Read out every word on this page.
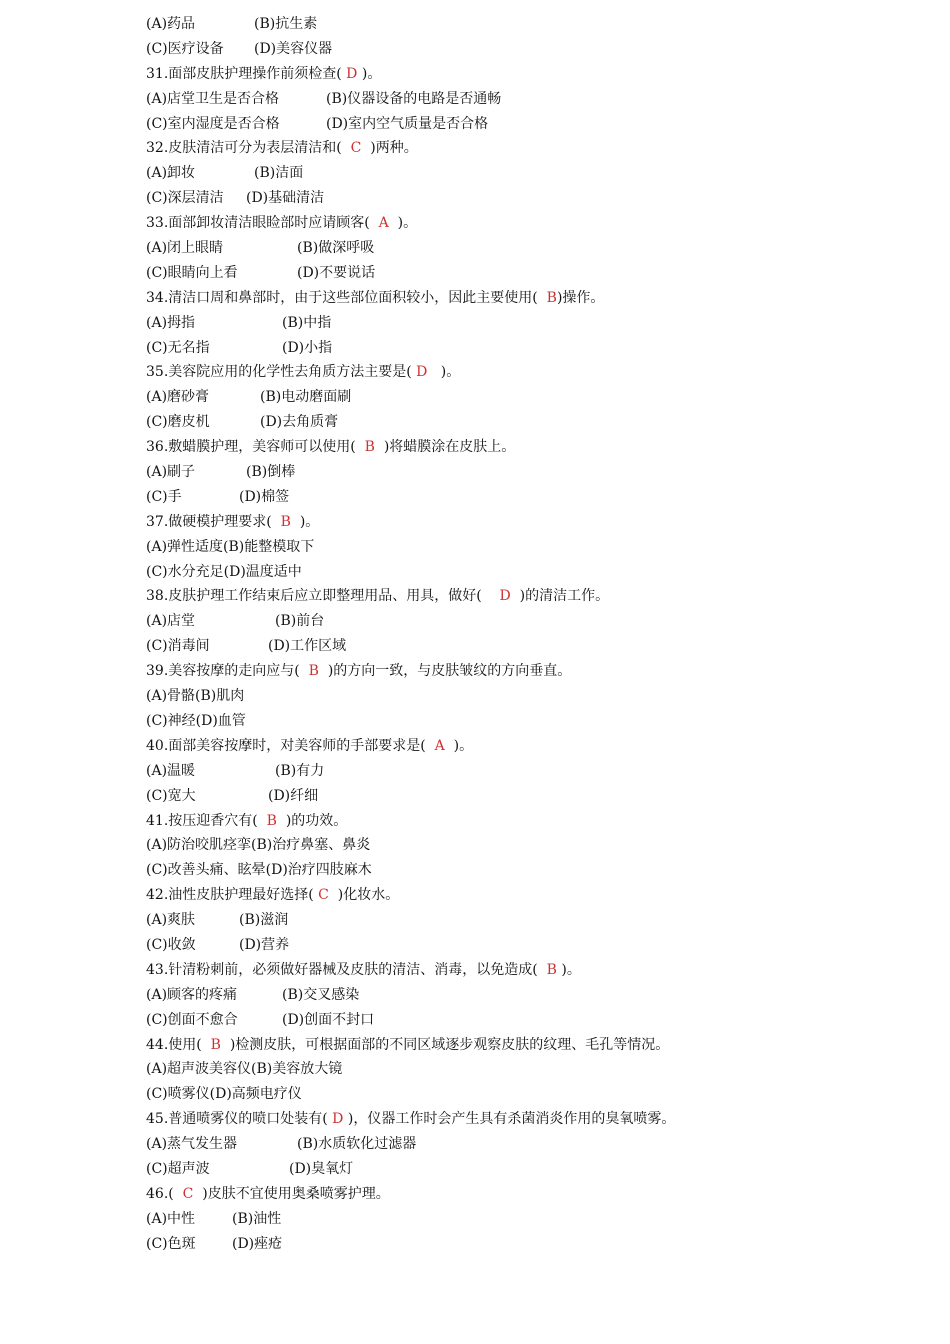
(A)药品	(B)抗生素
(C)医疗设备	(D)美容仪器
31.面部皮肤护理操作前须检查( D )。
(A)店堂卫生是否合格	(B)仪器设备的电路是否通畅
(C)室内湿度是否合格	(D)室内空气质量是否合格
32.皮肤清洁可分为表层清洁和( C )两种。
(A)卸妆	(B)洁面
(C)深层清洁	(D)基础清洁
33.面部卸妆清洁眼睑部时应请顾客( A )。
(A)闭上眼睛	(B)做深呼吸
(C)眼睛向上看	(D)不要说话
34.清洁口周和鼻部时，由于这些部位面积较小，因此主要使用( B )操作。
(A)拇指	(B)中指
(C)无名指	(D)小指
35.美容院应用的化学性去角质方法主要是( D )。
(A)磨砂膏	(B)电动磨面刷
(C)磨皮机	(D)去角质膏
36.敷蜡膜护理，美容师可以使用( B )将蜡膜涂在皮肤上。
(A)刷子	(B)倒棒
(C)手	(D)棉签
37.做硬模护理要求( B )。
(A)弹性适度 (B)能整模取下
(C)水分充足 (D)温度适中
38.皮肤护理工作结束后应立即整理用品、用具，做好( D )的清洁工作。
(A)店堂	(B)前台
(C)消毒间	(D)工作区域
39.美容按摩的走向应与( B )的方向一致，与皮肤皱纹的方向垂直。
(A)骨骼 (B)肌肉
(C)神经 (D)血管
40.面部美容按摩时，对美容师的手部要求是( A )。
(A)温暖	(B)有力
(C)宽大	(D)纤细
41.按压迎香穴有( B )的功效。
(A)防治咬肌痉挛 (B)治疗鼻塞、鼻炎
(C)改善头痛、眩晕 (D)治疗四肢麻木
42.油性皮肤护理最好选择( C )化妆水。
(A)爽肤	(B)滋润
(C)收敛	(D)营养
43.针清粉刺前，必须做好器械及皮肤的清洁、消毒，以免造成( B )。
(A)顾客的疼痛	(B)交叉感染
(C)创面不愈合	(D)创面不封口
44.使用( B )检测皮肤，可根据面部的不同区域逐步观察皮肤的纹理、毛孔等情况。
(A)超声波美容仪 (B)美容放大镜
(C)喷雾仪 (D)高频电疗仪
45.普通喷雾仪的喷口处装有( D )，仪器工作时会产生具有杀菌消炎作用的臭氧喷雾。
(A)蒸气发生器	(B)水质软化过滤器
(C)超声波	(D)臭氧灯
46.( C )皮肤不宜使用奥桑喷雾护理。
(A)中性	(B)油性
(C)色斑	(D)痤疮
